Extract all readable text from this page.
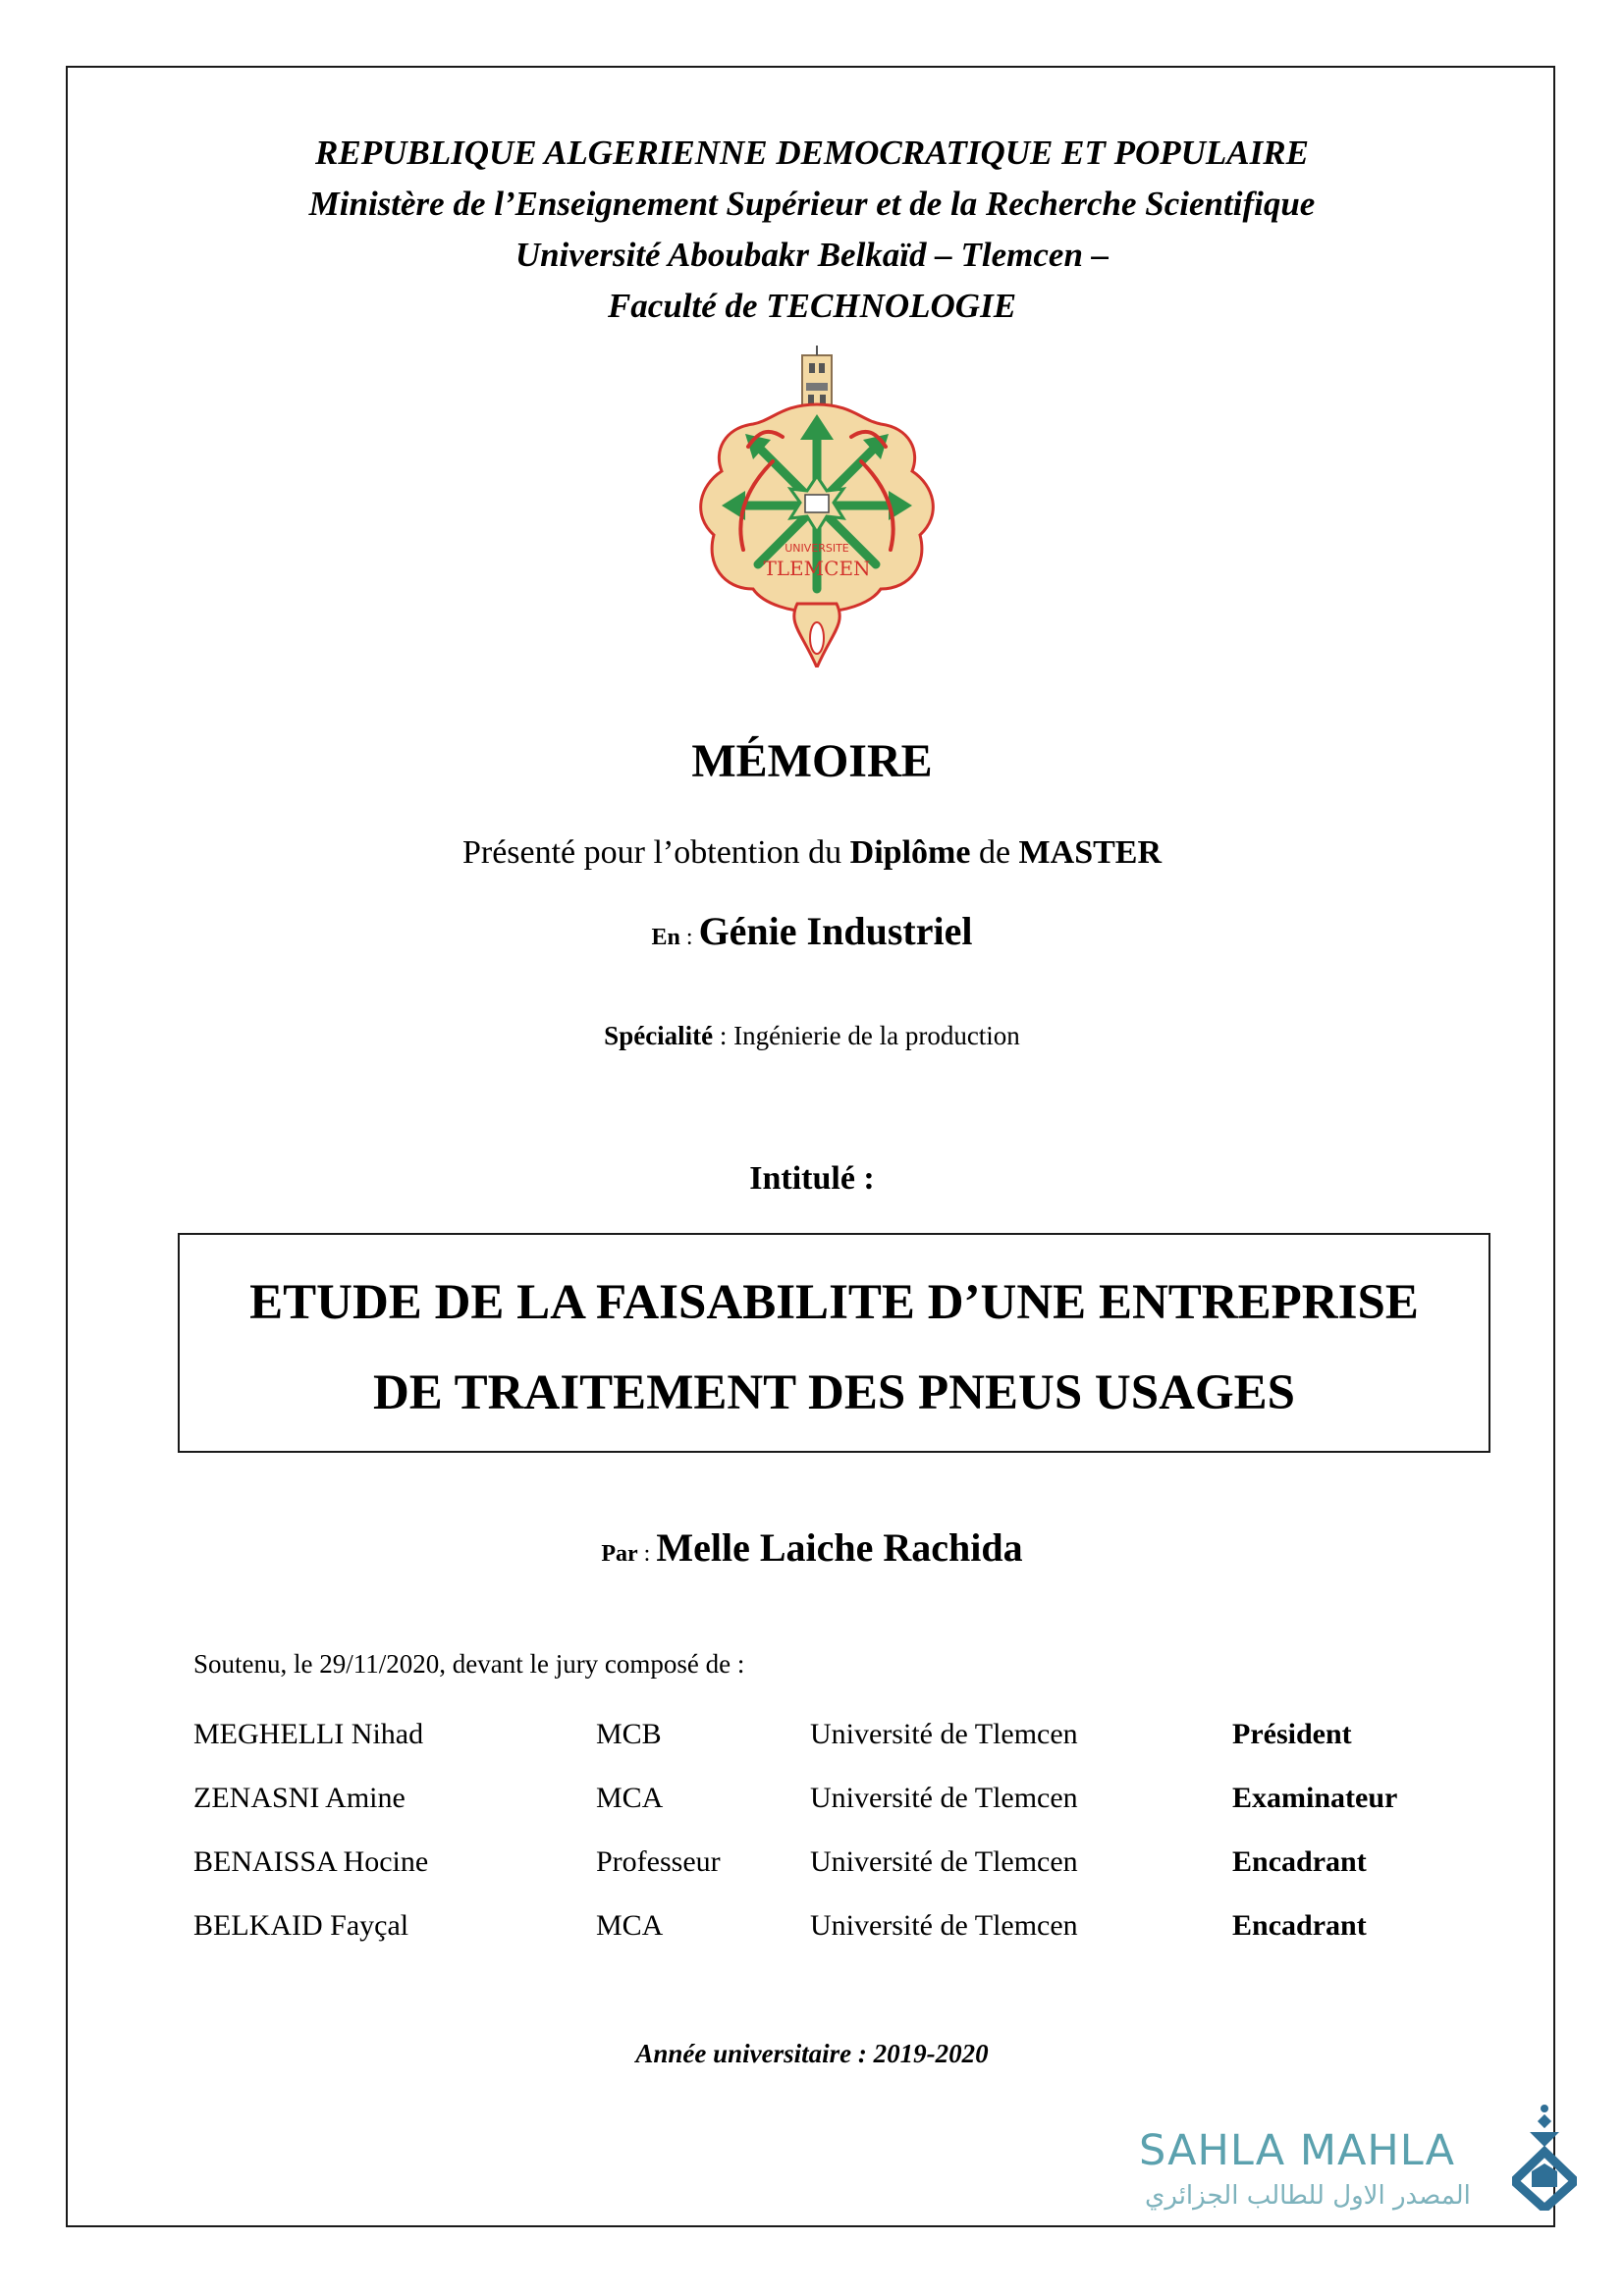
REPUBLIQUE ALGERIENNE DEMOCRATIQUE ET POPULAIRE
Ministère de l’Enseignement Supérieur et de la Recherche Scientifique
Université Aboubakr Belkaïd – Tlemcen –
Faculté de TECHNOLOGIE
UNIVERSITE
TLEMCEN
MÉMOIRE
Présenté pour l’obtention du Diplôme de MASTER
En : Génie Industriel
Spécialité : Ingénierie de la production
Intitulé :
ETUDE DE LA FAISABILITE D’UNE ENTREPRISE
DE TRAITEMENT DES PNEUS USAGES
Par : Melle Laiche Rachida
Soutenu, le 29/11/2020, devant le jury composé de :
MEGHELLI Nihad	MCB	Université de Tlemcen	Président
ZENASNI Amine	MCA	Université de Tlemcen	Examinateur
BENAISSA Hocine	Professeur	Université de Tlemcen	Encadrant
BELKAID Fayçal	MCA	Université de Tlemcen	Encadrant
Année universitaire : 2019-2020
SAHLA MAHLA
المصدر الاول للطالب الجزائري
